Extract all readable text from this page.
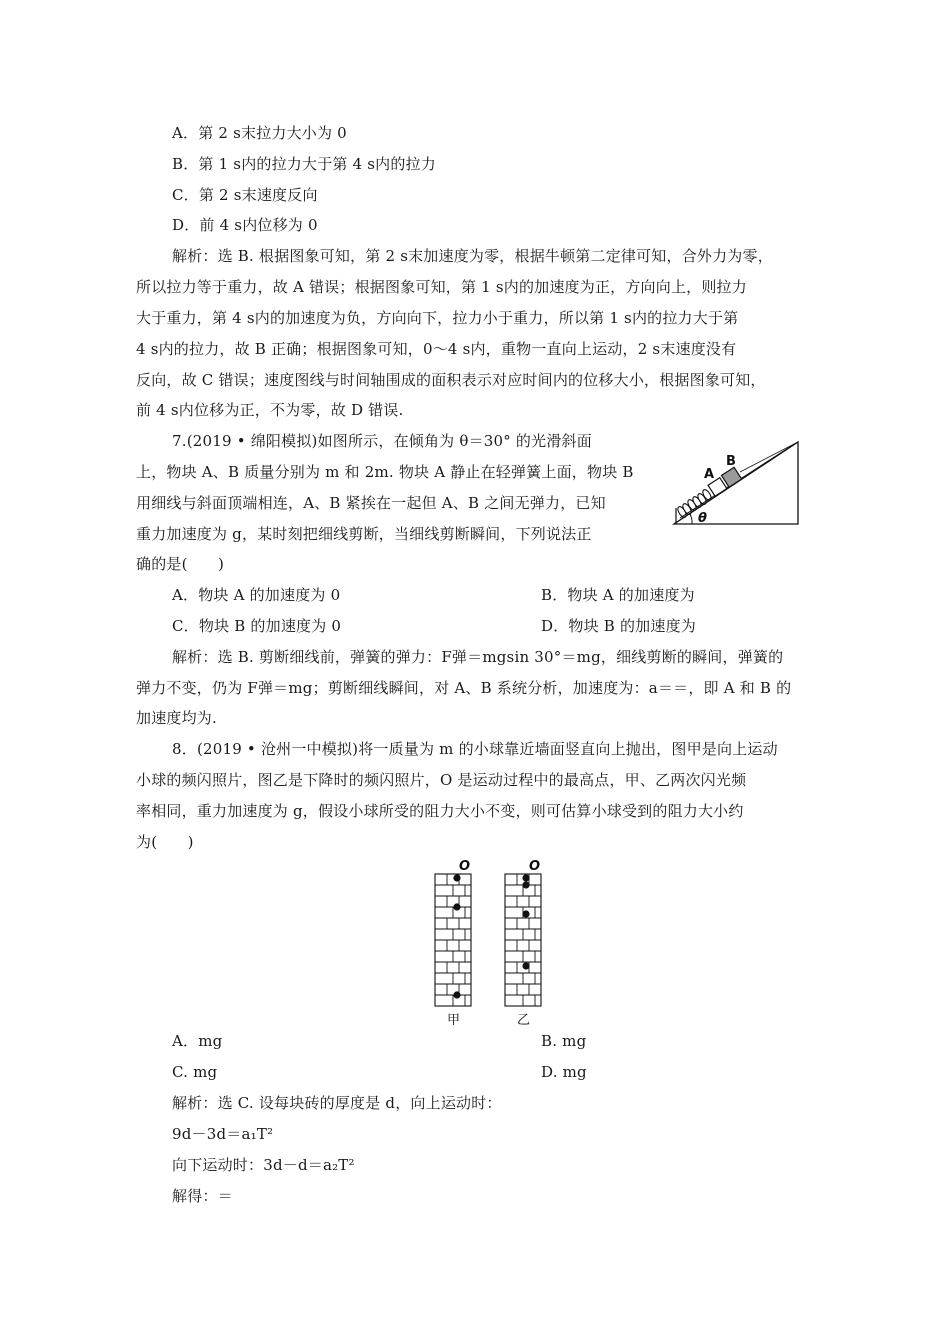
A．第 2 s末拉力大小为 0
B．第 1 s内的拉力大于第 4 s内的拉力
C．第 2 s末速度反向
D．前 4 s内位移为 0
解析：选 B. 根据图象可知，第 2 s末加速度为零，根据牛顿第二定律可知，合外力为零，
所以拉力等于重力，故 A 错误；根据图象可知，第 1 s内的加速度为正，方向向上，则拉力
大于重力，第 4 s内的加速度为负，方向向下，拉力小于重力，所以第 1 s内的拉力大于第
4 s内的拉力，故 B 正确；根据图象可知，0～4 s内，重物一直向上运动，2 s末速度没有
反向，故 C 错误；速度图线与时间轴围成的面积表示对应时间内的位移大小，根据图象可知，
前 4 s内位移为正，不为零，故 D 错误.
7.(2019 • 绵阳模拟)如图所示，在倾角为 θ＝30° 的光滑斜面
上，物块 A、B 质量分别为 m 和 2m. 物块 A 静止在轻弹簧上面，物块 B
用细线与斜面顶端相连，A、B 紧挨在一起但 A、B 之间无弹力，已知
重力加速度为 g，某时刻把细线剪断，当细线剪断瞬间，下列说法正
确的是(　　)
A
B
θ
A．物块 A 的加速度为 0	B．物块 A 的加速度为
C．物块 B 的加速度为 0	D．物块 B 的加速度为
解析：选 B. 剪断细线前，弹簧的弹力：F弹＝mgsin 30°＝mg，细线剪断的瞬间，弹簧的
弹力不变，仍为 F弹＝mg；剪断细线瞬间，对 A、B 系统分析，加速度为：a＝＝，即 A 和 B 的
加速度均为.
8．(2019 • 沧州一中模拟)将一质量为 m 的小球靠近墙面竖直向上抛出，图甲是向上运动
小球的频闪照片，图乙是下降时的频闪照片，O 是运动过程中的最高点，甲、乙两次闪光频
率相同，重力加速度为 g，假设小球所受的阻力大小不变，则可估算小球受到的阻力大小约
为(　　)
O	O
甲	乙
A．mg	B. mg
C. mg	D. mg
解析：选 C. 设每块砖的厚度是 d，向上运动时：
9d－3d＝a₁T²
向下运动时：3d－d＝a₂T²
解得：＝
